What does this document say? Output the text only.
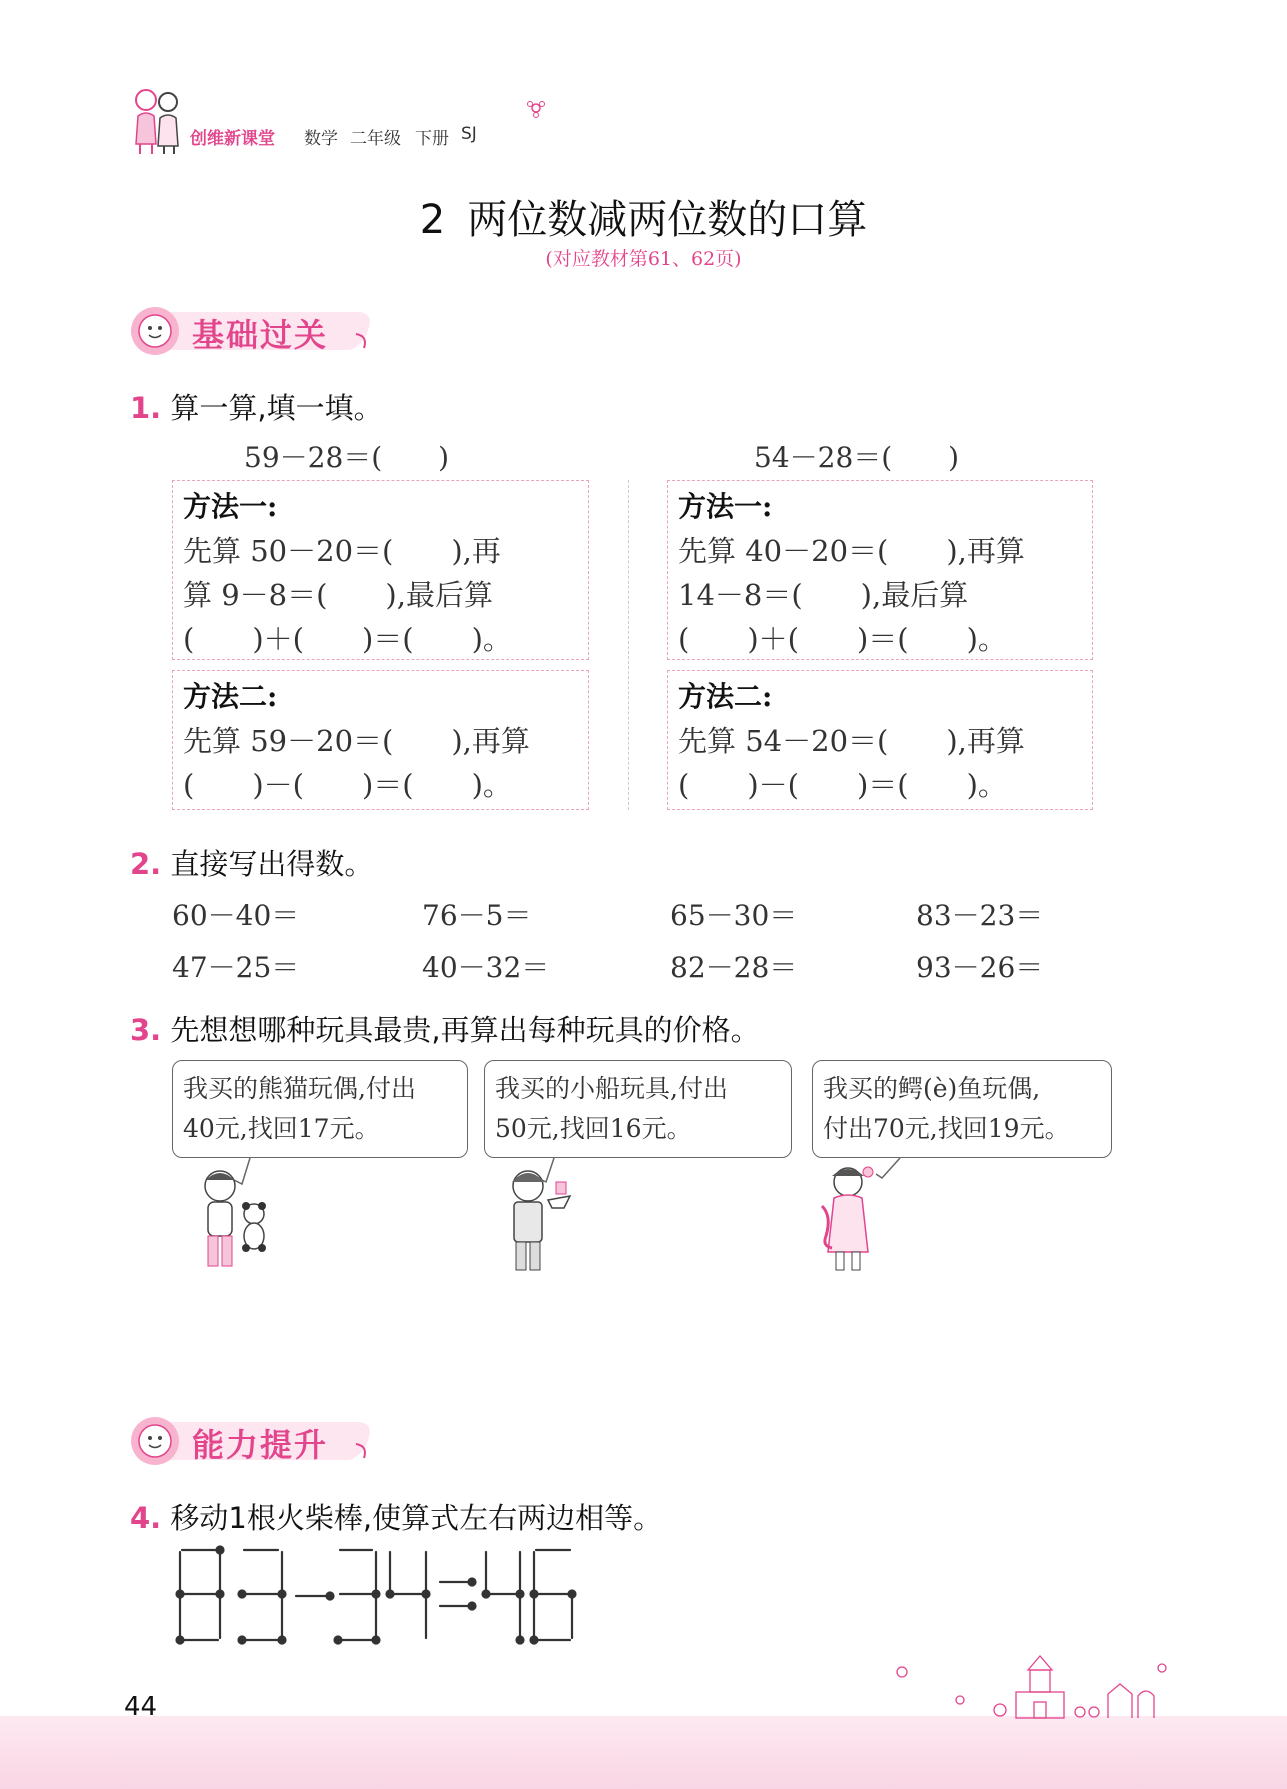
创维新课堂 数学 二年级 下册 SJ
2 两位数减两位数的口算
(对应教材第61、62页)
基础过关
1. 算一算,填一填。
59－28＝(　　)	54－28＝(　　)
方法一:
先算 50－20＝(　　),再
算 9－8＝(　　),最后算
(　　)＋(　　)＝(　　)。
方法二:
先算 59－20＝(　　),再算
(　　)－(　　)＝(　　)。
方法一:
先算 40－20＝(　　),再算
14－8＝(　　),最后算
(　　)＋(　　)＝(　　)。
方法二:
先算 54－20＝(　　),再算
(　　)－(　　)＝(　　)。
2. 直接写出得数。
60－40＝	76－5＝	65－30＝	83－23＝
47－25＝	40－32＝	82－28＝	93－26＝
3. 先想想哪种玩具最贵,再算出每种玩具的价格。
我买的熊猫玩偶,付出
40元,找回17元。
我买的小船玩具,付出
50元,找回16元。
我买的鳄(è)鱼玩偶,
付出70元,找回19元。
能力提升
4. 移动1根火柴棒,使算式左右两边相等。
44
